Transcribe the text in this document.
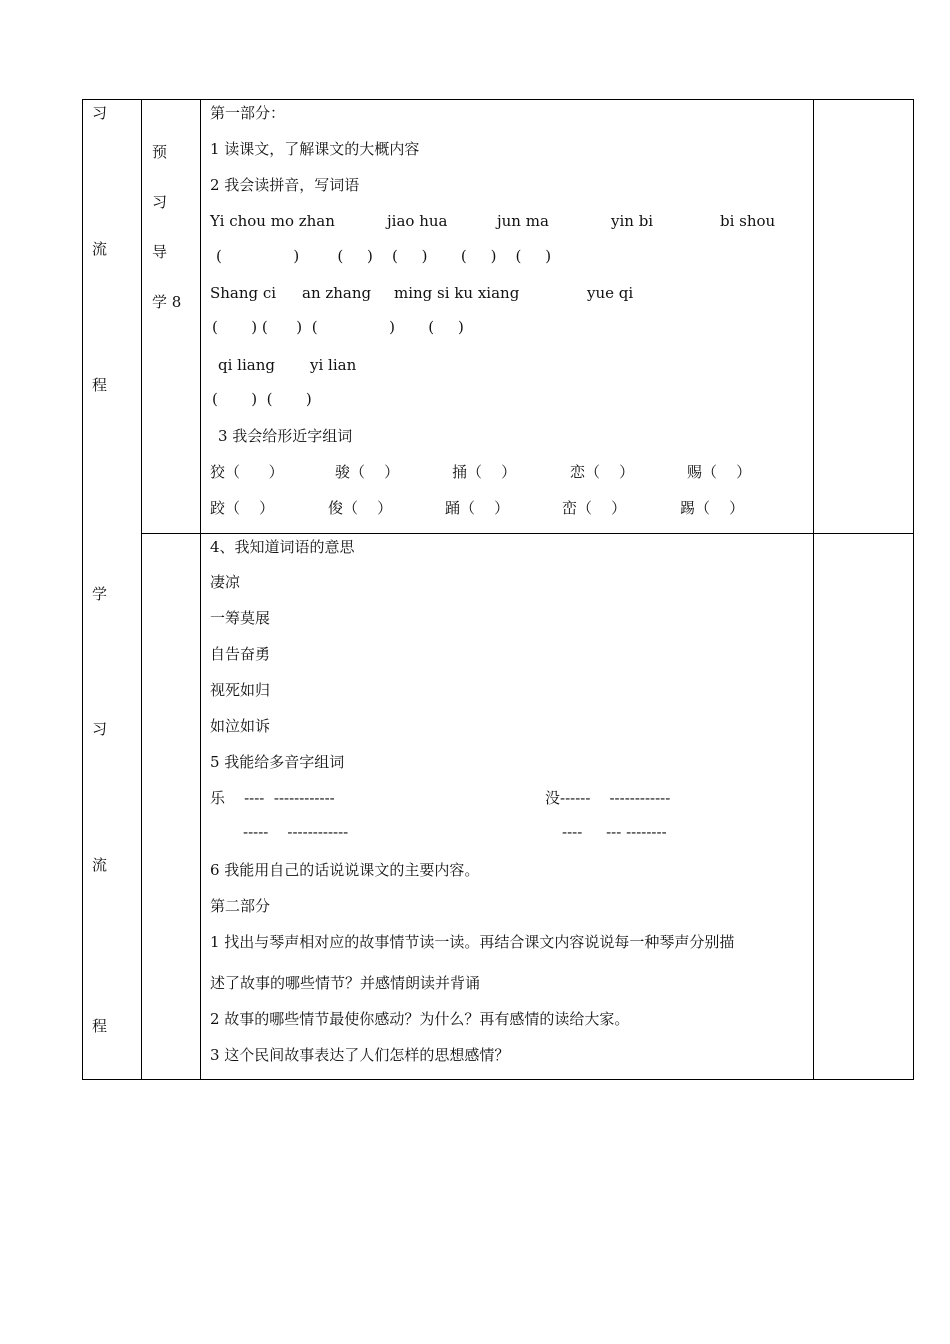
习
流
程
学
习
流
程
预
习
导
学 8
第一部分：
1 读课文，了解课文的大概内容
2 我会读拼音，写词语
Yi chou mo zhan	jiao hua	jun ma	yin bi	bi shou
(               )        (     )    (     )       (     )    (     )
Shang ci an zhang ming si ku xiang	yue qi
(       ) (      )  (               )       (     )
qi liang yi lian
(       )  (       )
3 我会给形近字组词
狡（      ）	骏（    ）	捅（    ）	恋（    ）	赐（    ）
跤（    ）	俊（    ）	踊（    ）	峦（    ）	踢（    ）
4、我知道词语的意思
凄凉
一筹莫展
自告奋勇
视死如归
如泣如诉
5 我能给多音字组词
乐    ----  ------------	没------    ------------
-----    ------------	----     --- --------
6 我能用自己的话说说课文的主要内容。
第二部分
1 找出与琴声相对应的故事情节读一读。再结合课文内容说说每一种琴声分别描
述了故事的哪些情节？并感情朗读并背诵
2 故事的哪些情节最使你感动？为什么？再有感情的读给大家。
3 这个民间故事表达了人们怎样的思想感情？
